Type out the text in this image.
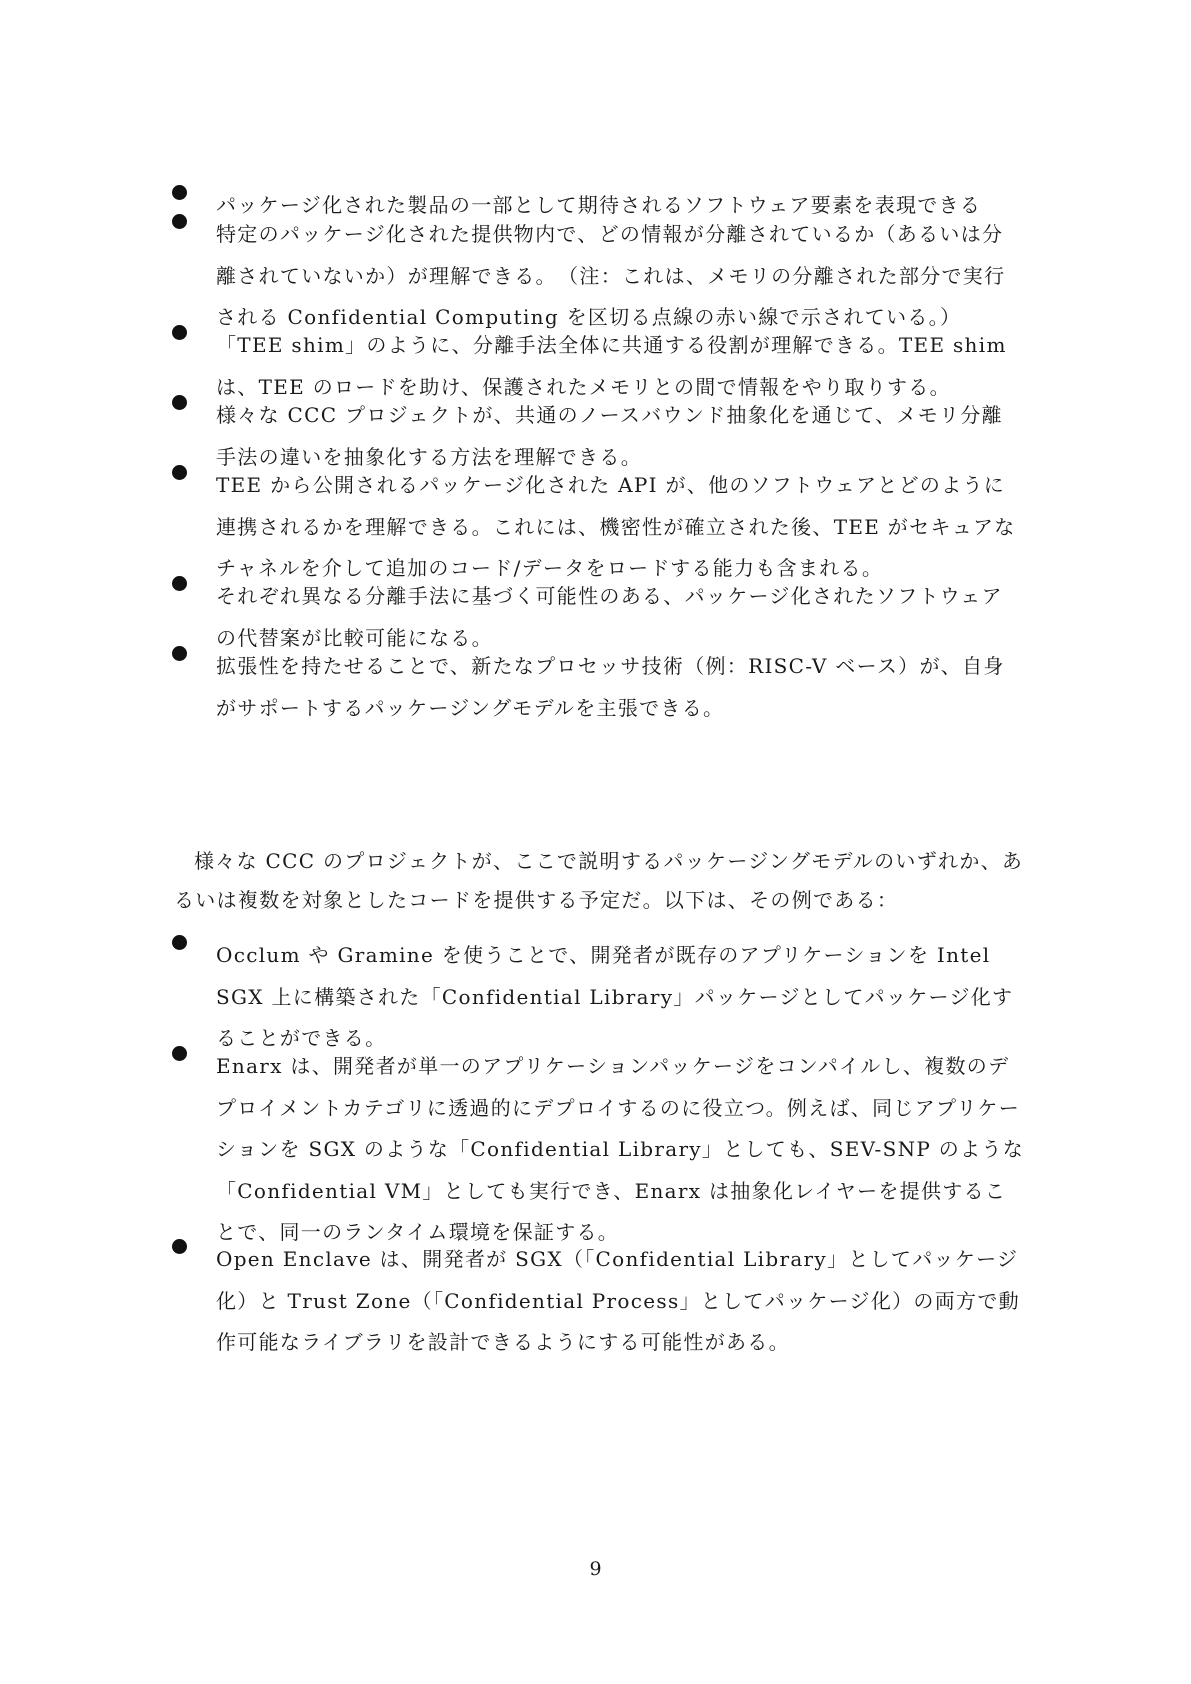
パッケージ化された製品の一部として期待されるソフトウェア要素を表現できる
特定のパッケージ化された提供物内で、どの情報が分離されているか（あるいは分離されていないか）が理解できる。　（注：これは、メモリの分離された部分で実行される Confidential Computing を区切る点線の赤い線で示されている。）
「TEE shim」のように、分離手法全体に共通する役割が理解できる。TEE shim は、TEE のロードを助け、保護されたメモリとの間で情報をやり取りする。
様々な CCC プロジェクトが、共通のノースバウンド抽象化を通じて、メモリ分離手法の違いを抽象化する方法を理解できる。
TEE から公開されるパッケージ化された API が、他のソフトウェアとどのように連携されるかを理解できる。これには、機密性が確立された後、TEE がセキュアなチャネルを介して追加のコード/データをロードする能力も含まれる。
それぞれ異なる分離手法に基づく可能性のある、パッケージ化されたソフトウェアの代替案が比較可能になる。
拡張性を持たせることで、新たなプロセッサ技術（例：RISC-V ベース）が、自身がサポートするパッケージングモデルを主張できる。

様々な CCC のプロジェクトが、ここで説明するパッケージングモデルのいずれか、あるいは複数を対象としたコードを提供する予定だ。以下は、その例である：

Occlum や Gramine を使うことで、開発者が既存のアプリケーションを Intel SGX 上に構築された「Confidential Library」パッケージとしてパッケージ化することができる。
Enarx は、開発者が単一のアプリケーションパッケージをコンパイルし、複数のデプロイメントカテゴリに透過的にデプロイするのに役立つ。例えば、同じアプリケーションを SGX のような「Confidential Library」としても、SEV-SNP のような「Confidential VM」としても実行でき、Enarx は抽象化レイヤーを提供することで、同一のランタイム環境を保証する。
Open Enclave は、開発者が SGX（「Confidential Library」としてパッケージ化）と Trust Zone（「Confidential Process」としてパッケージ化）の両方で動作可能なライブラリを設計できるようにする可能性がある。
9
